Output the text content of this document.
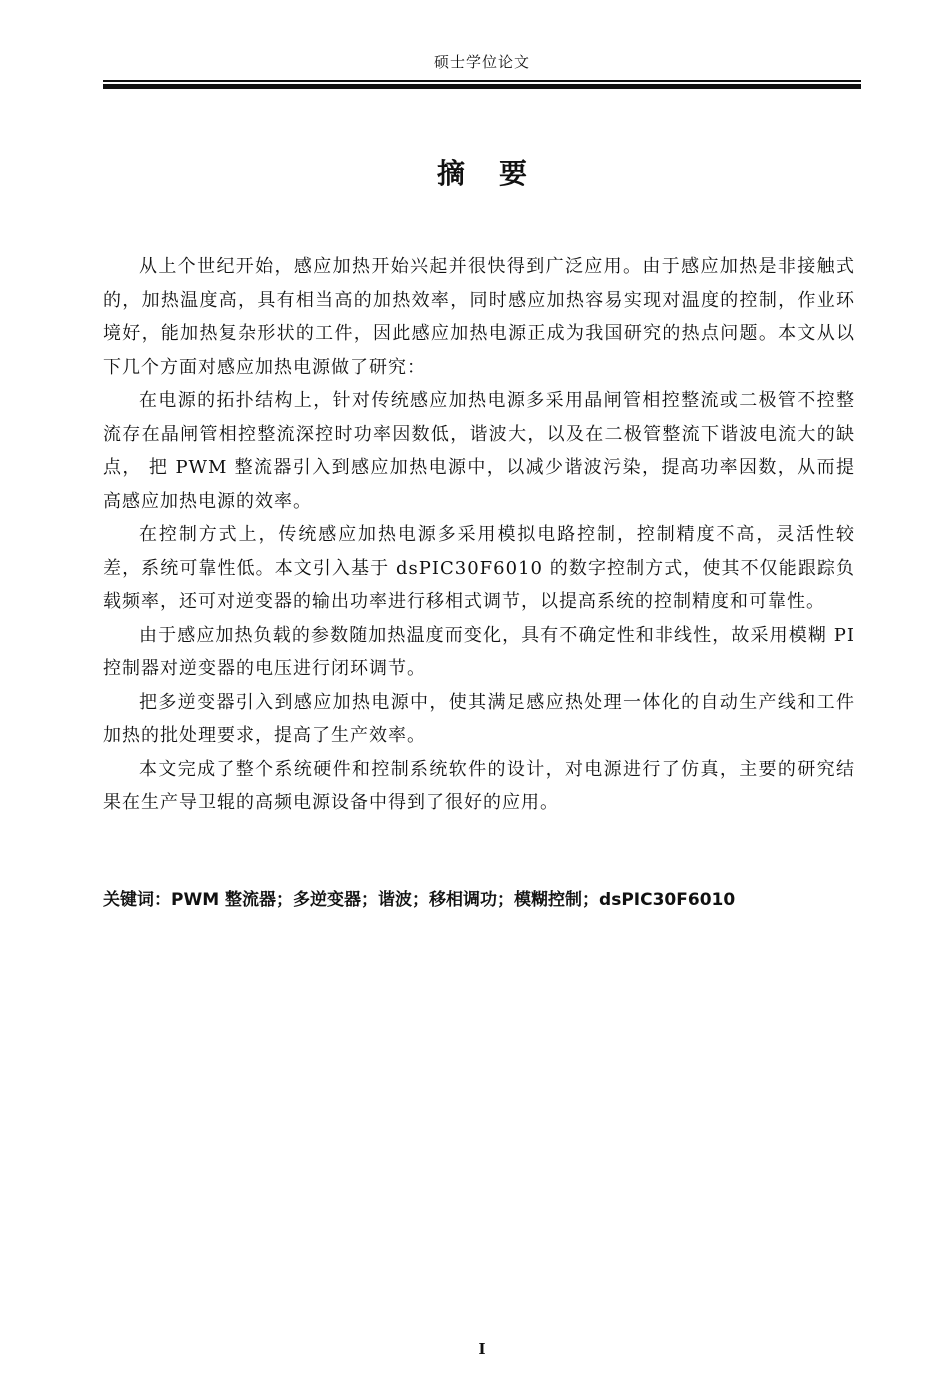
硕士学位论文
摘要

从上个世纪开始，感应加热开始兴起并很快得到广泛应用。由于感应加热是非接触式的，加热温度高，具有相当高的加热效率，同时感应加热容易实现对温度的控制，作业环境好，能加热复杂形状的工件，因此感应加热电源正成为我国研究的热点问题。本文从以下几个方面对感应加热电源做了研究：

在电源的拓扑结构上，针对传统感应加热电源多采用晶闸管相控整流或二极管不控整流存在晶闸管相控整流深控时功率因数低，谐波大，以及在二极管整流下谐波电流大的缺点， 把 PWM 整流器引入到感应加热电源中，以减少谐波污染，提高功率因数，从而提高感应加热电源的效率。

在控制方式上，传统感应加热电源多采用模拟电路控制，控制精度不高，灵活性较差，系统可靠性低。本文引入基于 dsPIC30F6010 的数字控制方式，使其不仅能跟踪负载频率，还可对逆变器的输出功率进行移相式调节，以提高系统的控制精度和可靠性。

由于感应加热负载的参数随加热温度而变化，具有不确定性和非线性，故采用模糊 PI 控制器对逆变器的电压进行闭环调节。

把多逆变器引入到感应加热电源中，使其满足感应热处理一体化的自动生产线和工件加热的批处理要求，提高了生产效率。

本文完成了整个系统硬件和控制系统软件的设计，对电源进行了仿真，主要的研究结果在生产导卫辊的高频电源设备中得到了很好的应用。

关键词：PWM 整流器；多逆变器；谐波；移相调功；模糊控制；dsPIC30F6010
I
